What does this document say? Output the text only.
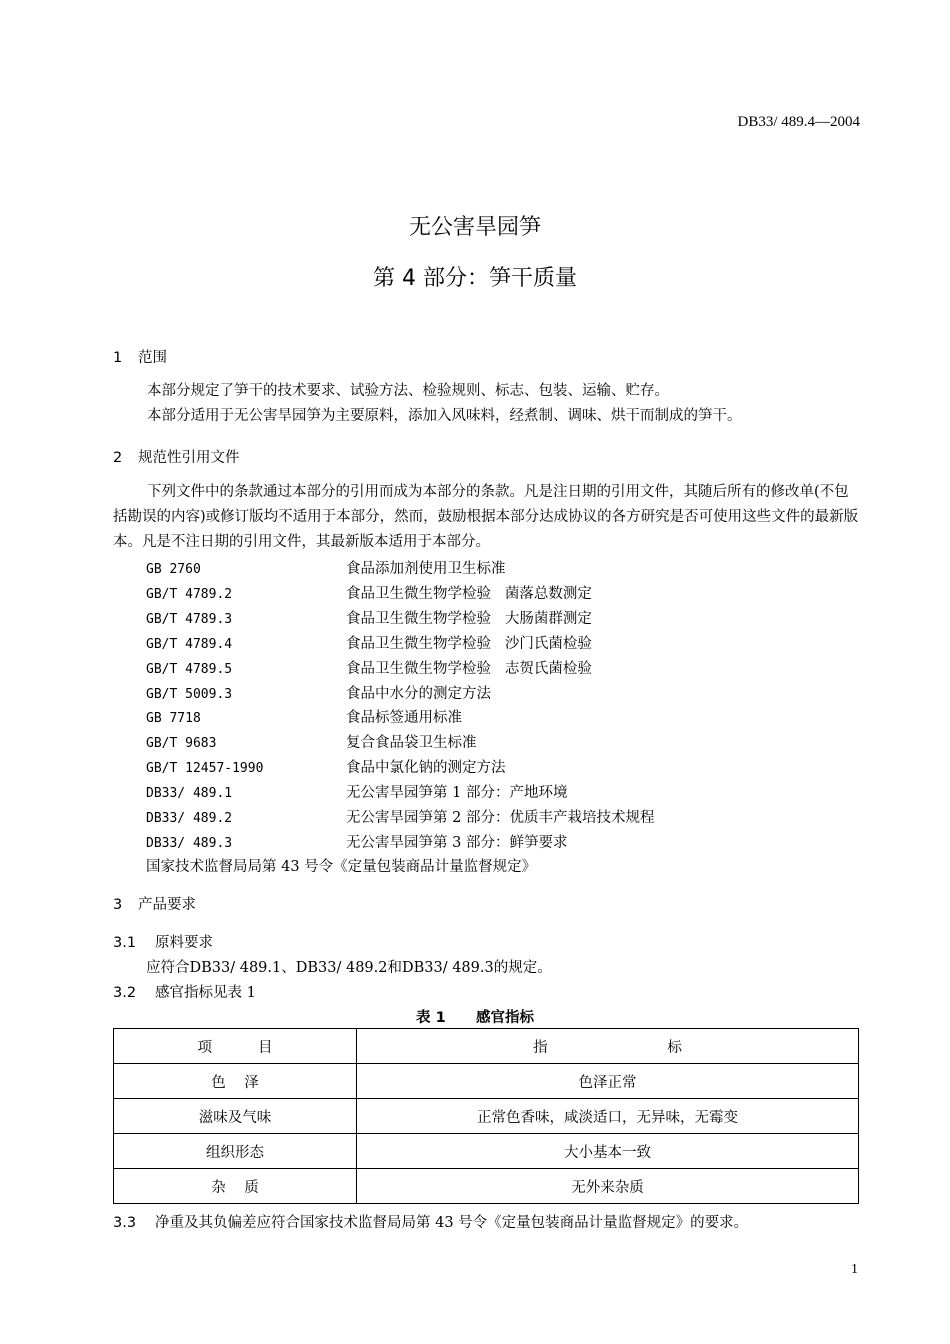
DB33/ 489.4—2004
无公害旱园笋
第 4 部分：笋干质量
1 范围
本部分规定了笋干的技术要求、试验方法、检验规则、标志、包装、运输、贮存。
本部分适用于无公害旱园笋为主要原料，添加入风味料，经煮制、调味、烘干而制成的笋干。
2 规范性引用文件
下列文件中的条款通过本部分的引用而成为本部分的条款。凡是注日期的引用文件，其随后所有的修改单(不包括勘误的内容)或修订版均不适用于本部分，然而，鼓励根据本部分达成协议的各方研究是否可使用这些文件的最新版本。凡是不注日期的引用文件，其最新版本适用于本部分。
GB 2760	食品添加剂使用卫生标准
GB/T 4789.2	食品卫生微生物学检验   菌落总数测定
GB/T 4789.3	食品卫生微生物学检验   大肠菌群测定
GB/T 4789.4	食品卫生微生物学检验   沙门氏菌检验
GB/T 4789.5	食品卫生微生物学检验   志贺氏菌检验
GB/T 5009.3	食品中水分的测定方法
GB 7718	食品标签通用标准
GB/T 9683	复合食品袋卫生标准
GB/T 12457-1990	食品中氯化钠的测定方法
DB33/ 489.1	无公害旱园笋第 1 部分：产地环境
DB33/ 489.2	无公害旱园笋第 2 部分：优质丰产栽培技术规程
DB33/ 489.3	无公害旱园笋第 3 部分：鲜笋要求
国家技术监督局局第 43 号令《定量包装商品计量监督规定》
3 产品要求
3.1 原料要求
应符合DB33/ 489.1、DB33/ 489.2和DB33/ 489.3的规定。
3.2 感官指标见表 1
表 1      感官指标
项          目	指                          标
色    泽	色泽正常
滋味及气味	正常色香味，咸淡适口，无异味，无霉变
组织形态	大小基本一致
杂    质	无外来杂质
3.3 净重及其负偏差应符合国家技术监督局局第 43 号令《定量包装商品计量监督规定》的要求。
1
